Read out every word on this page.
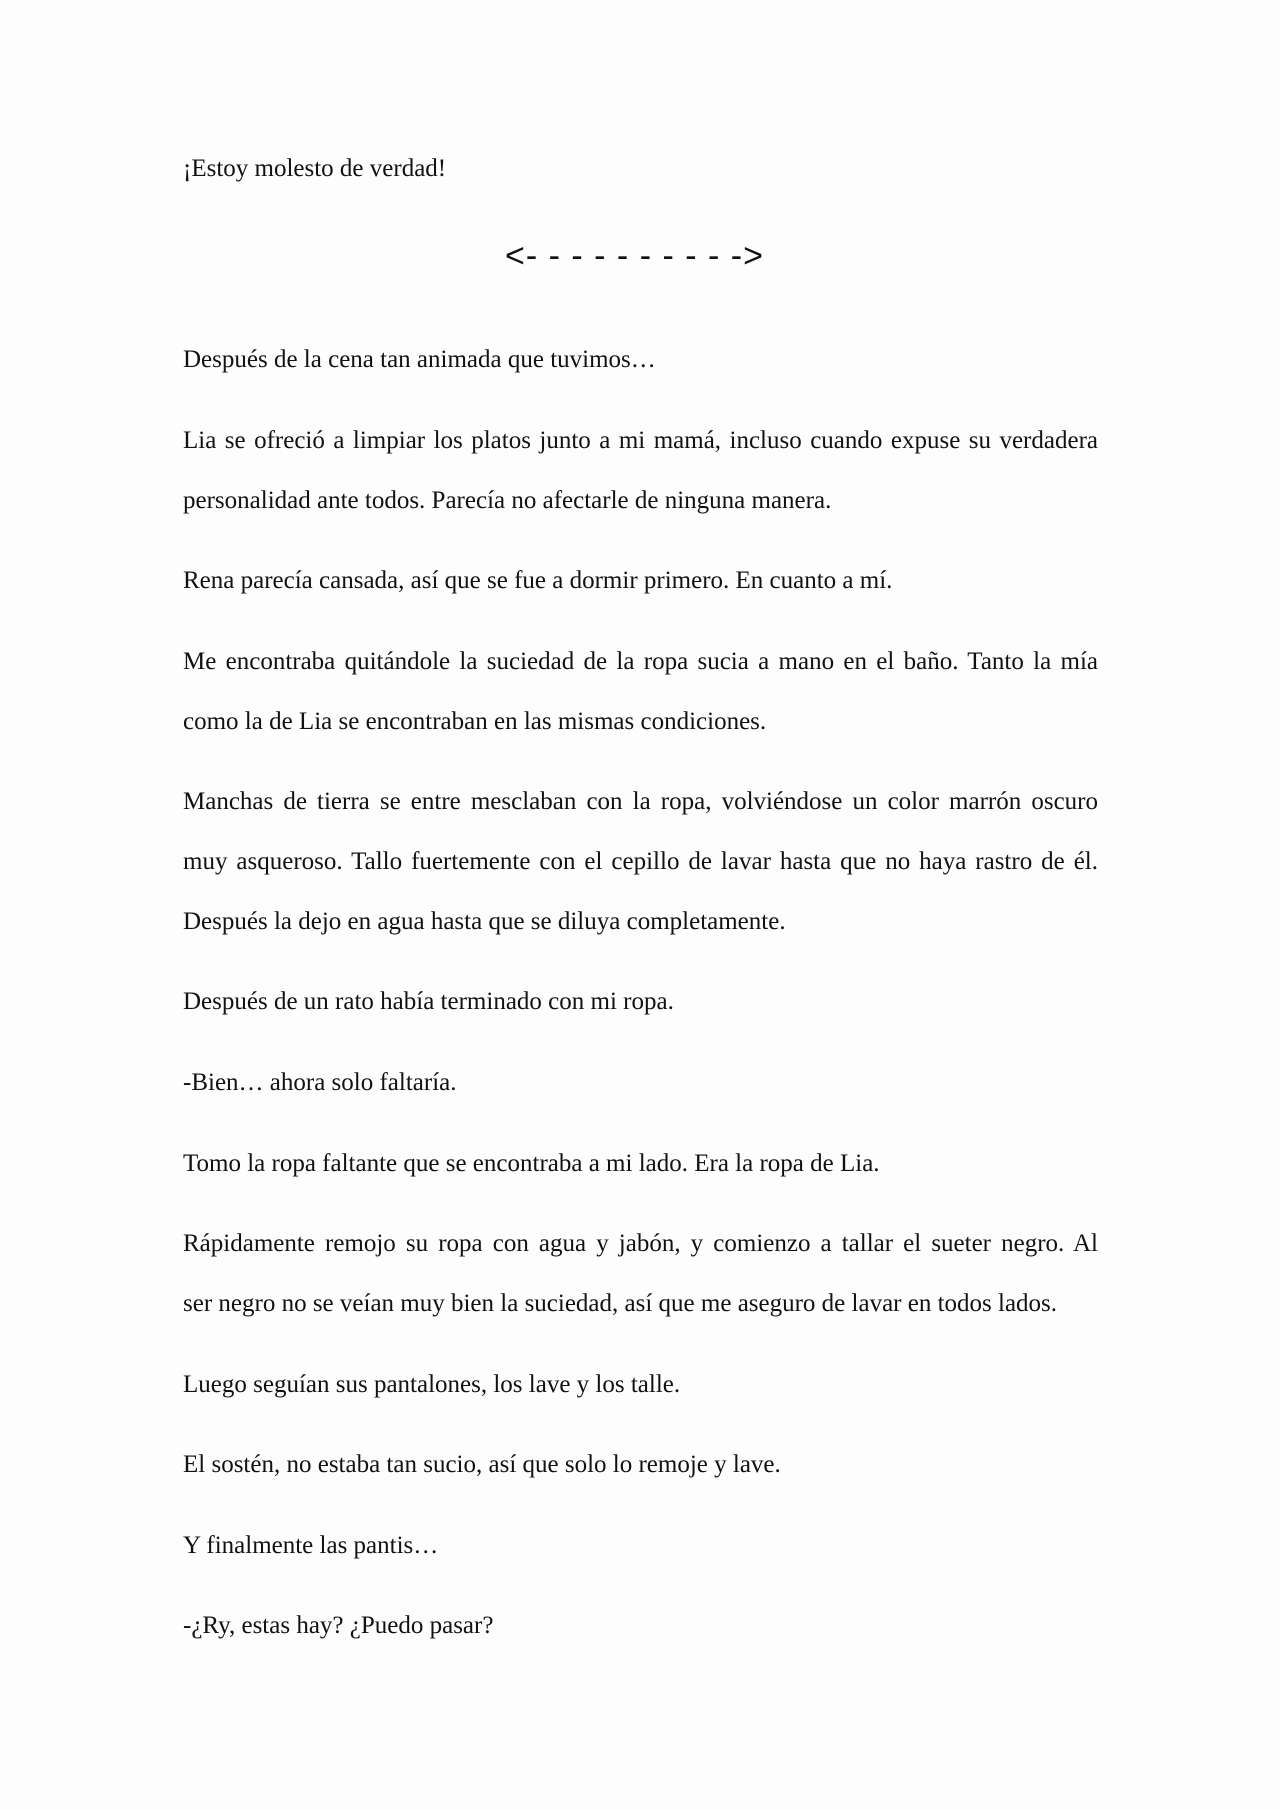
¡Estoy molesto de verdad!

<- - - - - - - - - ->

Después de la cena tan animada que tuvimos…

Lia se ofreció a limpiar los platos junto a mi mamá, incluso cuando expuse su verdadera

personalidad ante todos. Parecía no afectarle de ninguna manera.

Rena parecía cansada, así que se fue a dormir primero. En cuanto a mí.

Me encontraba quitándole la suciedad de la ropa sucia a mano en el baño. Tanto la mía

como la de Lia se encontraban en las mismas condiciones.

Manchas de tierra se entre mesclaban con la ropa, volviéndose un color marrón oscuro

muy asqueroso. Tallo fuertemente con el cepillo de lavar hasta que no haya rastro de él.

Después la dejo en agua hasta que se diluya completamente.

Después de un rato había terminado con mi ropa.

-Bien… ahora solo faltaría.

Tomo la ropa faltante que se encontraba a mi lado. Era la ropa de Lia.

Rápidamente remojo su ropa con agua y jabón, y comienzo a tallar el sueter negro. Al

ser negro no se veían muy bien la suciedad, así que me aseguro de lavar en todos lados.

Luego seguían sus pantalones, los lave y los talle.

El sostén, no estaba tan sucio, así que solo lo remoje y lave.

Y finalmente las pantis…

-¿Ry, estas hay? ¿Puedo pasar?
